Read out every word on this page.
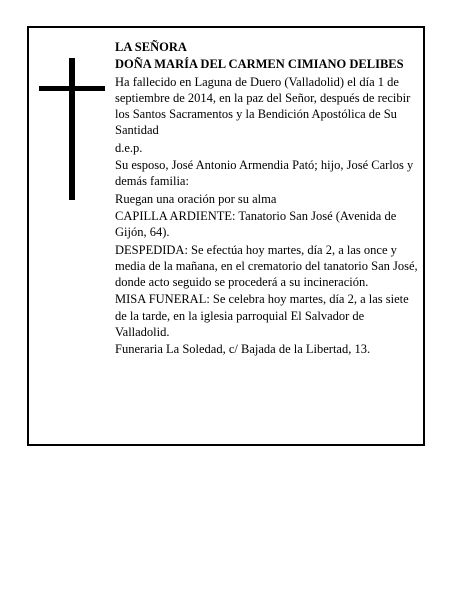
LA SEÑORA

DOÑA MARÍA DEL CARMEN CIMIANO DELIBES

Ha fallecido en Laguna de Duero (Valladolid) el día 1 de septiembre de 2014, en la paz del Señor, después de recibir los Santos Sacramentos y la Bendición Apostólica de Su Santidad

d.e.p.

Su esposo, José Antonio Armendia Pató; hijo, José Carlos y demás familia:

Ruegan una oración por su alma

CAPILLA ARDIENTE: Tanatorio San José (Avenida de Gijón, 64).

DESPEDIDA: Se efectúa hoy martes, día 2, a las once y media de la mañana, en el crematorio del tanatorio San José, donde acto seguido se procederá a su incineración.

MISA FUNERAL: Se celebra hoy martes, día 2, a las siete de la tarde, en la iglesia parroquial El Salvador de Valladolid.

Funeraria La Soledad, c/ Bajada de la Libertad, 13.
